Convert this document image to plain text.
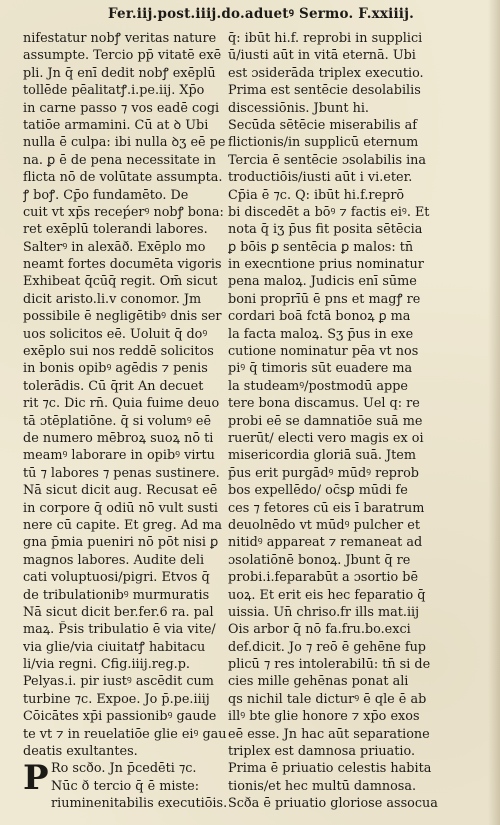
Fer.iij.post.iiij.do.aduetꝰ Sermo. F.xxiiij.
nifestatur nobꝭ veritas nature
assumpte. Tercio pp̄ vitatē exē
pli. Jn q̄ enī dedit nobꝭ exēplū
tollēde pēalitatꝭ.i.pe.iij. Xp̄o
in carne passo ⁊ vos eadē cogi
tatiōe armamini. Cū at ꝺ Ubi
nulla ē culpa: ibi nulla ꝺʒ eē pe
na. ꝑ ē de pena necessitate in
flicta nō de volūtate assumpta.
ꝭ boꝭ. Cp̄o fundamēto. De
cuit vt xp̄s receṕerꝰ nobꝭ bona:
ret exēplū tolerandi labores.
Salterꝰ in alexāð. Exēplo mo
neamt fortes documēta vigoris
Exhibeat q̄cūq̄ regit. Om̄ sicut
dicit aristo.li.v conomor. Jm
possibile ē negligētibꝰ dnis ser
uos solicitos eē. Uoluit q̄ doꝰ
exēplo sui nos reddē solicitos
in bonis opibꝰ agēdis ⁊ penis
tolerādis. Cū q̄rit An decuet
rit ⁊c. Dic rn̄. Quia fuime deuo
tā ɔtēplatiōne. q̄ si volumꝰ eē
de numero mēbroꝝ suoꝝ nō ti
meamꝰ laborare in opibꝰ virtu
tū ⁊ labores ⁊ penas sustinere.
Nā sicut dicit aug. Recusat eē
in corpore q̄ odiū nō vult susti
nere cū capite. Et greg. Ad ma
gna p̄mia pueniri nō pōt nisi ꝑ
magnos labores. Audite deli
cati voluptuosi/pigri. Etvos q̄
de tribulationibꝰ murmuratis
Nā sicut dicit ber.fer.6 ra. pal
maꝝ. P̄sis tribulatio ē via vite/
via glie/via ciuitatꝭ habitacu
li/via regni. Cfig.iiij.reg.p.
Pelyas.i. pir iustꝰ ascēdit cum
turbine ⁊c. Expoe. Jo p̄.pe.iiij
Cōicātes xp̄i passionibꝰ gaude
te vt ⁊ in reuelatiōe glie eiꝰ gau
deatis exultantes.
P Ro scðo. Jn p̄cedēti ⁊c.
Nūc ð tercio q̄ ē miste:
riuminenitabilis executiōis.
q̄: ibūt hi.f. reprobi in supplici
ū/iusti aūt in vitā eternā. Ubi
est ɔsiderāda triplex executio.
Prima est sentēcie desolabilis
discessiōnis. Jbunt hi.
Secūda sētēcie miserabilis af
flictionis/in supplicū eternum
Tercia ē sentēcie ɔsolabilis ina
troductiōis/iusti aūt i vi.eter.
Cp̄ia ē ⁊c. Q: ibūt hi.f.reprō
bi discedēt a bōꝰ ⁊ factis eiꝰ. Et
nota q̄ iʒ p̄us fit posita sētēcia
ꝑ bōis ꝑ sentēcia ꝑ malos: tn̄
in execntione prius nominatur
pena maloꝝ. Judicis enī sūme
boni proprīū ē pns et magꝭ re
cordari boā fctā bonoꝝ ꝑ ma
la facta maloꝝ. Sʒ p̄us in exe
cutione nominatur pēa vt nos
piꝰ q̄ timoris sūt euadere ma
la studeamꝰ/postmodū appe
tere bona discamus. Uel q: re
probi eē se damnatiōe suā me
ruerūt/ electi vero magis ex oi
misericordia gloriā suā. Jtem
p̄us erit purgādꝰ mūdꝰ reprob
bos expellēdo/ oc̄sꝑ mūdi fe
ces ⁊ fetores cū eis ī baratrum
deuolnēdo vt mūdꝰ pulcher et
nitidꝰ appareat ⁊ remaneat ad
ɔsolatiōnē bonoꝝ. Jbunt q̄ re
probi.i.feparabūt a ɔsortio bē
uoꝝ. Et erit eis hec feparatio q̄
uissia. Un̄ chriso.fr ills mat.iij
Ois arbor q̄ nō fa.fru.bo.exci
def.dicit. Jo ⁊ reō ē gehēne fup
plicū ⁊ res intolerabilū: tn̄ si de
cies mille gehēnas ponat ali
qs nichil tale dicturꝰ ē qle ē ab
illꝰ bte glie honore ⁊ xp̄o exos
eē esse. Jn hac aūt separatione
triplex est damnosa priuatio.
Prima ē priuatio celestis habita
tionis/et hec multū damnosa.
Scða ē priuatio gloriose assocua
